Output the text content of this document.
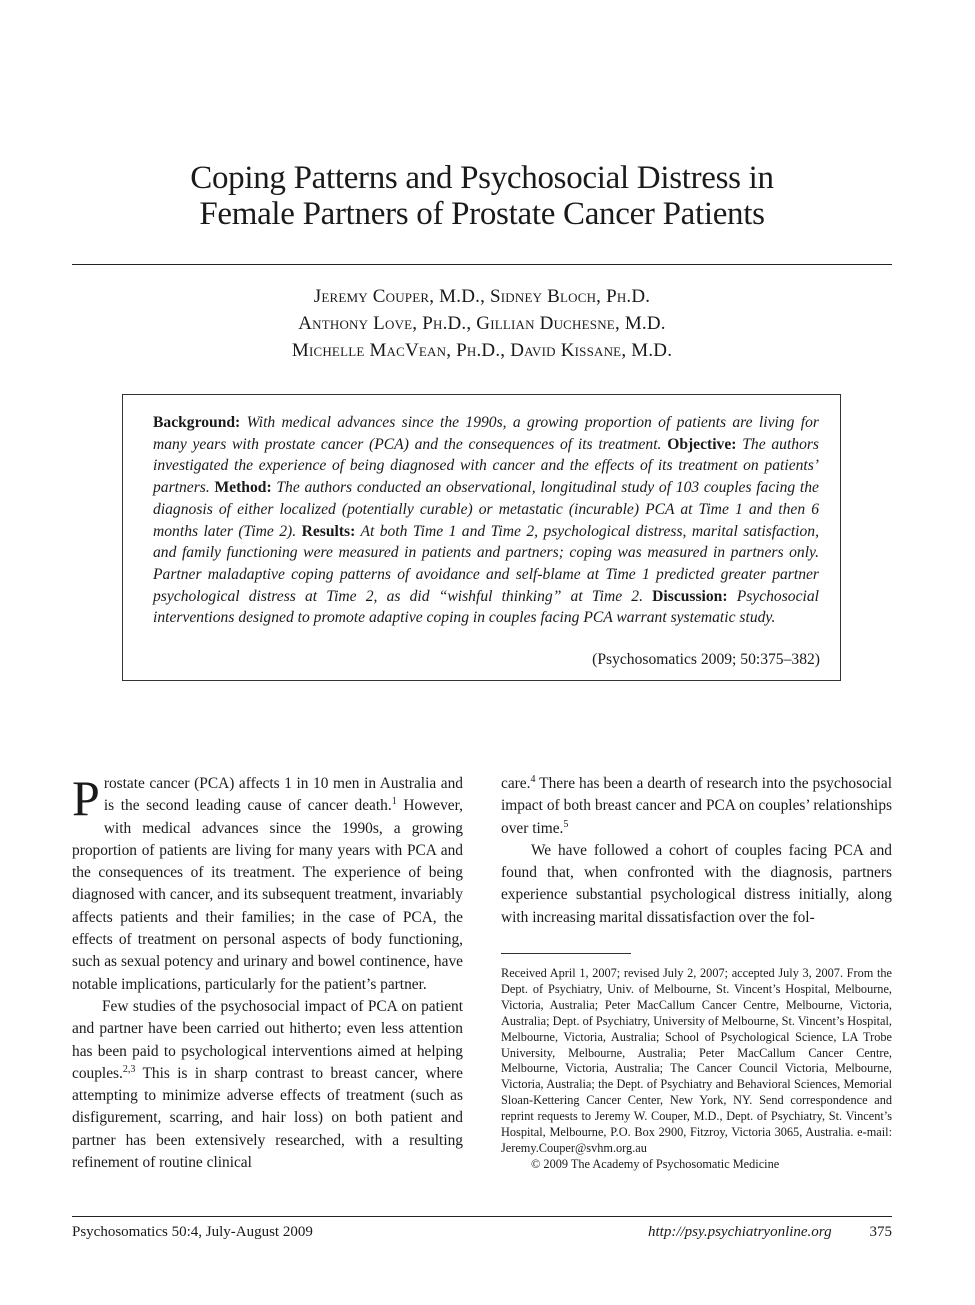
Coping Patterns and Psychosocial Distress in
Female Partners of Prostate Cancer Patients
Jeremy Couper, M.D., Sidney Bloch, Ph.D.
Anthony Love, Ph.D., Gillian Duchesne, M.D.
Michelle MacVean, Ph.D., David Kissane, M.D.
Background: With medical advances since the 1990s, a growing proportion of patients are living for many years with prostate cancer (PCA) and the consequences of its treatment. Objective: The authors investigated the experience of being diagnosed with cancer and the effects of its treatment on patients’ partners. Method: The authors conducted an observational, longitudinal study of 103 couples facing the diagnosis of either localized (potentially curable) or metastatic (incurable) PCA at Time 1 and then 6 months later (Time 2). Results: At both Time 1 and Time 2, psychological distress, marital satisfaction, and family functioning were measured in patients and partners; coping was measured in partners only. Partner maladaptive coping patterns of avoidance and self-blame at Time 1 predicted greater partner psychological distress at Time 2, as did “wishful thinking” at Time 2. Discussion: Psychosocial interventions designed to promote adaptive coping in couples facing PCA warrant systematic study.
(Psychosomatics 2009; 50:375–382)

Prostate cancer (PCA) affects 1 in 10 men in Australia and is the second leading cause of cancer death.$^1$ However, with medical advances since the 1990s, a growing proportion of patients are living for many years with PCA and the consequences of its treatment. The experience of being diagnosed with cancer, and its subsequent treatment, invariably affects patients and their families; in the case of PCA, the effects of treatment on personal aspects of body functioning, such as sexual potency and urinary and bowel continence, have notable implications, particularly for the patient’s partner.

Few studies of the psychosocial impact of PCA on patient and partner have been carried out hitherto; even less attention has been paid to psychological interventions aimed at helping couples.$^{2,3}$ This is in sharp contrast to breast cancer, where attempting to minimize adverse effects of treatment (such as disfigurement, scarring, and hair loss) on both patient and partner has been extensively researched, with a resulting refinement of routine clinical

care.$^4$ There has been a dearth of research into the psychosocial impact of both breast cancer and PCA on couples’ relationships over time.$^5$

We have followed a cohort of couples facing PCA and found that, when confronted with the diagnosis, partners experience substantial psychological distress initially, along with increasing marital dissatisfaction over the fol-

Received April 1, 2007; revised July 2, 2007; accepted July 3, 2007. From the Dept. of Psychiatry, Univ. of Melbourne, St. Vincent’s Hospital, Melbourne, Victoria, Australia; Peter MacCallum Cancer Centre, Melbourne, Victoria, Australia; Dept. of Psychiatry, University of Melbourne, St. Vincent’s Hospital, Melbourne, Victoria, Australia; School of Psychological Science, LA Trobe University, Melbourne, Australia; Peter MacCallum Cancer Centre, Melbourne, Victoria, Australia; The Cancer Council Victoria, Melbourne, Victoria, Australia; the Dept. of Psychiatry and Behavioral Sciences, Memorial Sloan-Kettering Cancer Center, New York, NY. Send correspondence and reprint requests to Jeremy W. Couper, M.D., Dept. of Psychiatry, St. Vincent’s Hospital, Melbourne, P.O. Box 2900, Fitzroy, Victoria 3065, Australia. e-mail: Jeremy.Couper@svhm.org.au

© 2009 The Academy of Psychosomatic Medicine

Psychosomatics 50:4, July-August 2009	http://psy.psychiatryonline.org	375
